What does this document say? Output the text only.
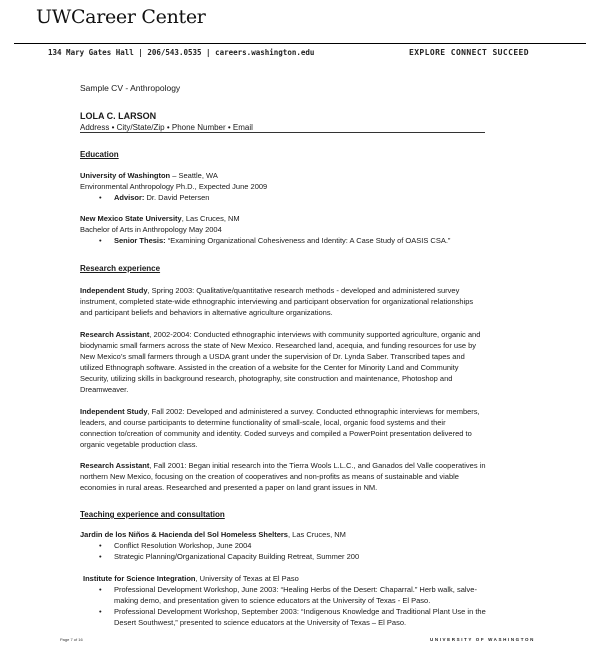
UWCareer Center
134 Mary Gates Hall | 206/543.0535 | careers.washington.edu	EXPLORE CONNECT SUCCEED
Sample CV - Anthropology
LOLA C. LARSON
Address • City/State/Zip • Phone Number • Email
Education
University of Washington – Seattle, WA
Environmental Anthropology Ph.D., Expected June 2009
• Advisor: Dr. David Petersen
New Mexico State University, Las Cruces, NM
Bachelor of Arts in Anthropology May 2004
• Senior Thesis: “Examining Organizational Cohesiveness and Identity: A Case Study of OASIS CSA.”
Research experience
Independent Study, Spring 2003: Qualitative/quantitative research methods - developed and administered survey
instrument, completed state-wide ethnographic interviewing and participant observation for organizational relationships
and participant beliefs and behaviors in alternative agriculture organizations.
Research Assistant, 2002-2004: Conducted ethnographic interviews with community supported agriculture, organic and
biodynamic small farmers across the state of New Mexico. Researched land, acequia, and funding resources for use by
New Mexico’s small farmers through a USDA grant under the supervision of Dr. Lynda Saber. Transcribed tapes and
utilized Ethnograph software. Assisted in the creation of a website for the Center for Minority Land and Community
Security, utilizing skills in background research, photography, site construction and maintenance, Photoshop and
Dreamweaver.
Independent Study, Fall 2002: Developed and administered a survey. Conducted ethnographic interviews for members,
leaders, and course participants to determine functionality of small-scale, local, organic food systems and their
connection to/creation of community and identity. Coded surveys and compiled a PowerPoint presentation delivered to
organic vegetable production class.
Research Assistant, Fall 2001: Began initial research into the Tierra Wools L.L.C., and Ganados del Valle cooperatives in
northern New Mexico, focusing on the creation of cooperatives and non-profits as means of sustainable and viable
economies in rural areas. Researched and presented a paper on land grant issues in NM.
Teaching experience and consultation
Jardin de los Niños & Hacienda del Sol Homeless Shelters, Las Cruces, NM
• Conflict Resolution Workshop, June 2004
• Strategic Planning/Organizational Capacity Building Retreat, Summer 200
Institute for Science Integration, University of Texas at El Paso
• Professional Development Workshop, June 2003: “Healing Herbs of the Desert: Chaparral.” Herb walk, salve-
making demo, and presentation given to science educators at the University of Texas - El Paso.
• Professional Development Workshop, September 2003: “Indigenous Knowledge and Traditional Plant Use in the
Desert Southwest,” presented to science educators at the University of Texas – El Paso.
Page 7 of 16	UNIVERSITY OF WASHINGTON
